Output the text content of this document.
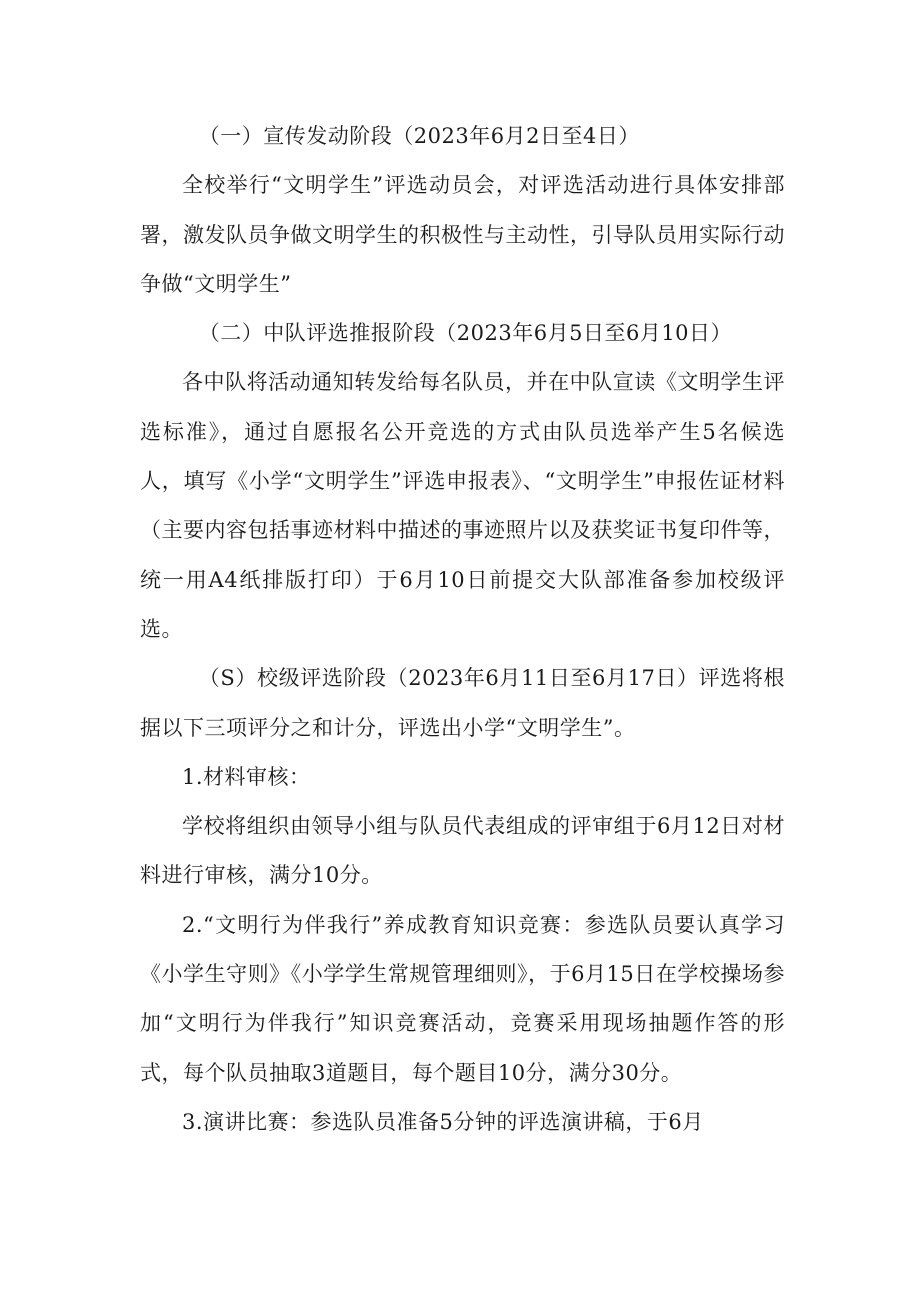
（一）宣传发动阶段（2023年6月2日至4日）

全校举行“文明学生”评选动员会，对评选活动进行具体安排部署，激发队员争做文明学生的积极性与主动性，引导队员用实际行动争做“文明学生”

（二）中队评选推报阶段（2023年6月5日至6月10日）

各中队将活动通知转发给每名队员，并在中队宣读《文明学生评选标准》，通过自愿报名公开竞选的方式由队员选举产生5名候选人，填写《小学“文明学生”评选申报表》、“文明学生”申报佐证材料（主要内容包括事迹材料中描述的事迹照片以及获奖证书复印件等，统一用A4纸排版打印）于6月10日前提交大队部准备参加校级评选。

（S）校级评选阶段（2023年6月11日至6月17日）评选将根据以下三项评分之和计分，评选出小学“文明学生”。

1.材料审核：

学校将组织由领导小组与队员代表组成的评审组于6月12日对材料进行审核，满分10分。

2.“文明行为伴我行”养成教育知识竞赛：参选队员要认真学习《小学生守则》《小学学生常规管理细则》，于6月15日在学校操场参加“文明行为伴我行”知识竞赛活动，竞赛采用现场抽题作答的形式，每个队员抽取3道题目，每个题目10分，满分30分。

3.演讲比赛：参选队员准备5分钟的评选演讲稿，于6月
